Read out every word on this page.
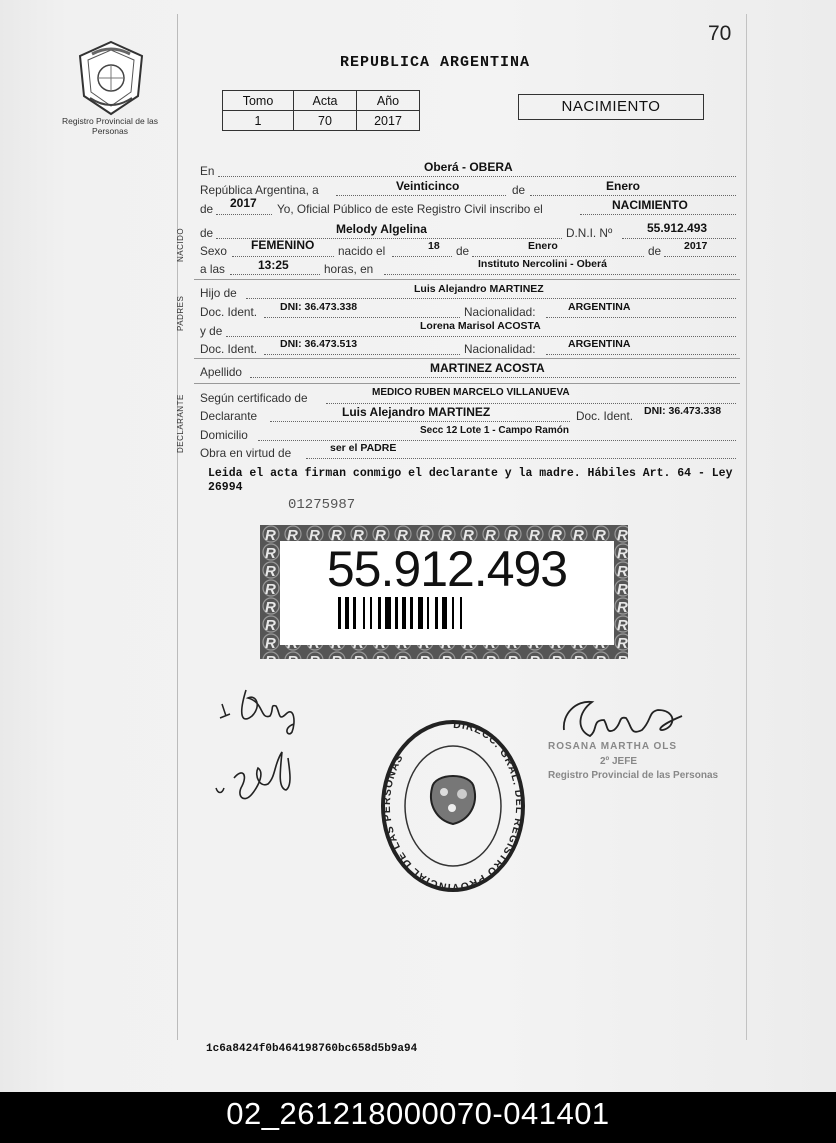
70
Registro Provincial de las Personas
REPUBLICA ARGENTINA
Tomo	Acta	Año
1	70	2017
NACIMIENTO
En	Oberá - OBERA
República Argentina, a	Veinticinco	de	Enero
de 2017 Yo, Oficial Público de este Registro Civil inscribo el	NACIMIENTO
NACIDO	de	Melody Algelina	D.N.I. Nº	55.912.493
Sexo FEMENINO nacido el	18 de	Enero	de 2017
a las	13:25	horas, en	Instituto Nercolini - Oberá
PADRES
Hijo de	Luis Alejandro MARTINEZ
Doc. Ident. DNI: 36.473.338	Nacionalidad:	ARGENTINA
y de	Lorena Marisol ACOSTA
Doc. Ident. DNI: 36.473.513	Nacionalidad:	ARGENTINA
Apellido	MARTINEZ ACOSTA
DECLARANTE	Según certificado de	MEDICO RUBEN MARCELO VILLANUEVA
Declarante	Luis Alejandro MARTINEZ	Doc. Ident. DNI: 36.473.338
Domicilio	Secc 12 Lote 1 - Campo Ramón
Obra en virtud de	ser el PADRE
Leida el acta firman conmigo el declarante y la madre. Hábiles Art. 64 - Ley 26994
01275987
55.912.493
DIRECC. GRAL. DEL REGISTRO PROVINCIAL DE LAS PERSONAS
ROSANA MARTHA OLS
2º JEFE
Registro Provincial de las Personas
1c6a8424f0b464198760bc658d5b9a94
02_261218000070-041401
